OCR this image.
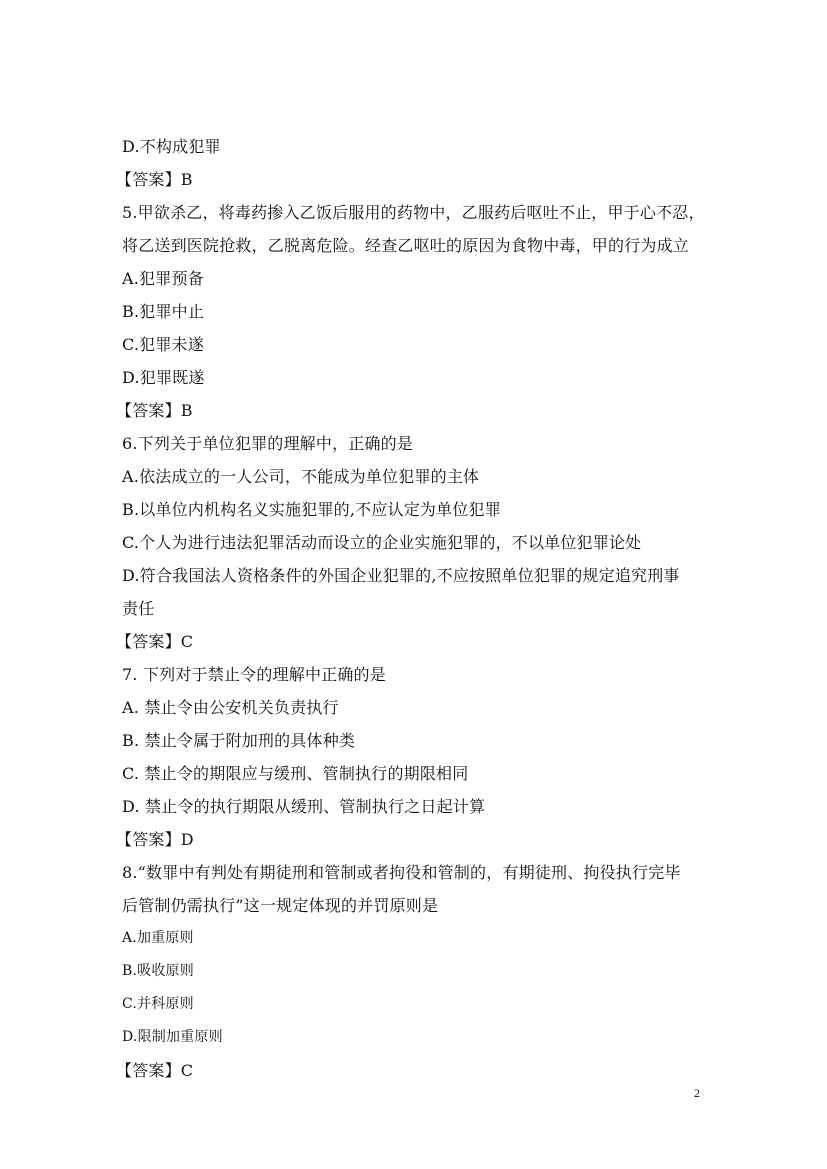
D.不构成犯罪
【答案】B
5.甲欲杀乙，将毒药掺入乙饭后服用的药物中，乙服药后呕吐不止，甲于心不忍，
将乙送到医院抢救，乙脱离危险。经查乙呕吐的原因为食物中毒，甲的行为成立
A.犯罪预备
B.犯罪中止
C.犯罪未遂
D.犯罪既遂
【答案】B
6.下列关于单位犯罪的理解中，正确的是
A.依法成立的一人公司，不能成为单位犯罪的主体
B.以单位内机构名义实施犯罪的,不应认定为单位犯罪
C.个人为进行违法犯罪活动而设立的企业实施犯罪的，不以单位犯罪论处
D.符合我国法人资格条件的外国企业犯罪的,不应按照单位犯罪的规定追究刑事
责任
【答案】C
7. 下列对于禁止令的理解中正确的是
A. 禁止令由公安机关负责执行
B. 禁止令属于附加刑的具体种类
C. 禁止令的期限应与缓刑、管制执行的期限相同
D. 禁止令的执行期限从缓刑、管制执行之日起计算
【答案】D
8.“数罪中有判处有期徒刑和管制或者拘役和管制的，有期徒刑、拘役执行完毕
后管制仍需执行”这一规定体现的并罚原则是
A.加重原则
B.吸收原则
C.并科原则
D.限制加重原则
【答案】C
2
